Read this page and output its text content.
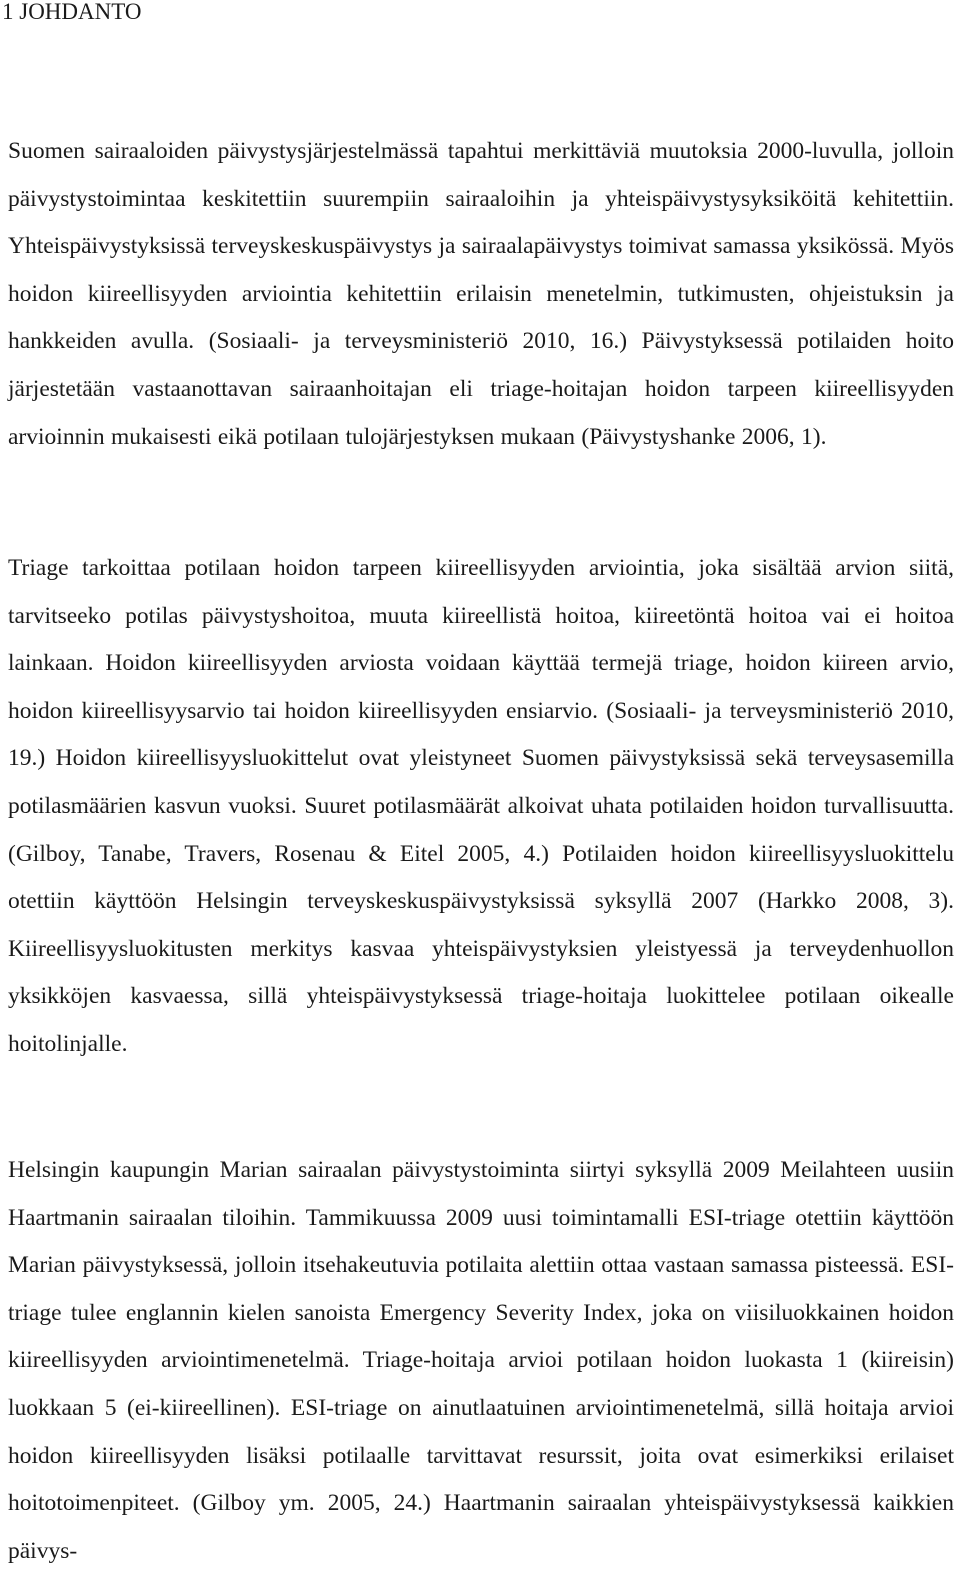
1 JOHDANTO

Suomen sairaaloiden päivystysjärjestelmässä tapahtui merkittäviä muutoksia 2000-luvulla, jolloin päivystystoimintaa keskitettiin suurempiin sairaaloihin ja yhteispäivystysyksiköitä kehitettiin. Yhteispäivystyksissä terveyskeskuspäivystys ja sairaalapäivystys toimivat samassa yksikössä. Myös hoidon kiireellisyyden arviointia kehitettiin erilaisin menetelmin, tutkimusten, ohjeistuksin ja hankkeiden avulla. (Sosiaali- ja terveysministeriö 2010, 16.) Päivystyksessä potilaiden hoito järjestetään vastaanottavan sairaanhoitajan eli triage-hoitajan hoidon tarpeen kiireellisyyden arvioinnin mukaisesti eikä potilaan tulojärjestyksen mukaan (Päivystyshanke 2006, 1).

Triage tarkoittaa potilaan hoidon tarpeen kiireellisyyden arviointia, joka sisältää arvion siitä, tarvitseeko potilas päivystyshoitoa, muuta kiireellistä hoitoa, kiireetöntä hoitoa vai ei hoitoa lainkaan. Hoidon kiireellisyyden arviosta voidaan käyttää termejä triage, hoidon kiireen arvio, hoidon kiireellisyysarvio tai hoidon kiireellisyyden ensiarvio. (Sosiaali- ja terveysministeriö 2010, 19.) Hoidon kiireellisyysluokittelut ovat yleistyneet Suomen päivystyksissä sekä terveysasemilla potilasmäärien kasvun vuoksi. Suuret potilasmäärät alkoivat uhata potilaiden hoidon turvallisuutta. (Gilboy, Tanabe, Travers, Rosenau & Eitel 2005, 4.) Potilaiden hoidon kiireellisyysluokittelu otettiin käyttöön Helsingin terveyskeskuspäivystyksissä syksyllä 2007 (Harkko 2008, 3). Kiireellisyysluokitusten merkitys kasvaa yhteispäivystyksien yleistyessä ja terveydenhuollon yksikköjen kasvaessa, sillä yhteispäivystyksessä triage-hoitaja luokittelee potilaan oikealle hoitolinjalle.

Helsingin kaupungin Marian sairaalan päivystystoiminta siirtyi syksyllä 2009 Meilahteen uusiin Haartmanin sairaalan tiloihin. Tammikuussa 2009 uusi toimintamalli ESI-triage otettiin käyttöön Marian päivystyksessä, jolloin itsehakeutuvia potilaita alettiin ottaa vastaan samassa pisteessä. ESI-triage tulee englannin kielen sanoista Emergency Severity Index, joka on viisiluokkainen hoidon kiireellisyyden arviointimenetelmä. Triage-hoitaja arvioi potilaan hoidon luokasta 1 (kiireisin) luokkaan 5 (ei-kiireellinen). ESI-triage on ainutlaatuinen arviointimenetelmä, sillä hoitaja arvioi hoidon kiireellisyyden lisäksi potilaalle tarvittavat resurssit, joita ovat esimerkiksi erilaiset hoitotoimenpiteet. (Gilboy ym. 2005, 24.) Haartmanin sairaalan yhteispäivystyksessä kaikkien päivys-
